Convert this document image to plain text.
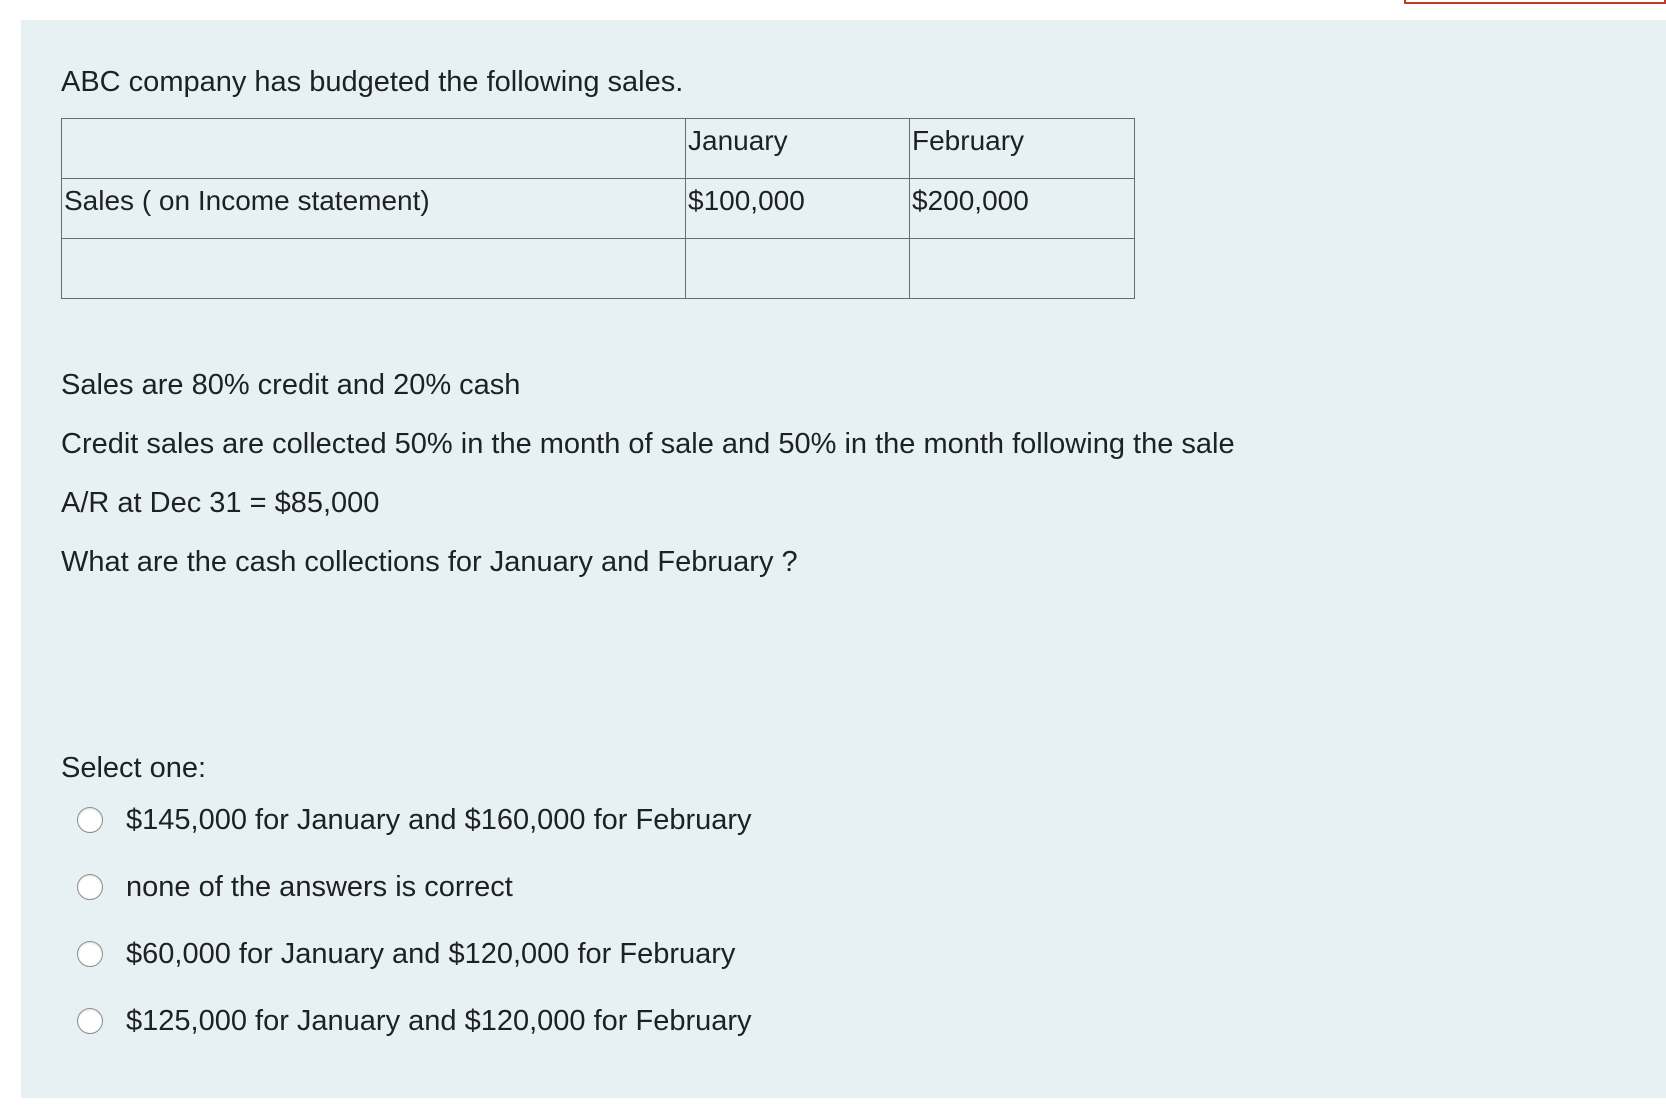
ABC company has budgeted the following sales.
	January	February
Sales ( on Income statement)	$100,000	$200,000

Sales are 80% credit and 20% cash
Credit sales are collected 50% in the month of sale and 50% in the month following the sale
A/R at Dec 31 = $85,000
What are the cash collections for January and February ?
Select one:
$145,000 for January and $160,000 for February
none of the answers is correct
$60,000 for January and $120,000 for February
$125,000 for January and $120,000 for February
